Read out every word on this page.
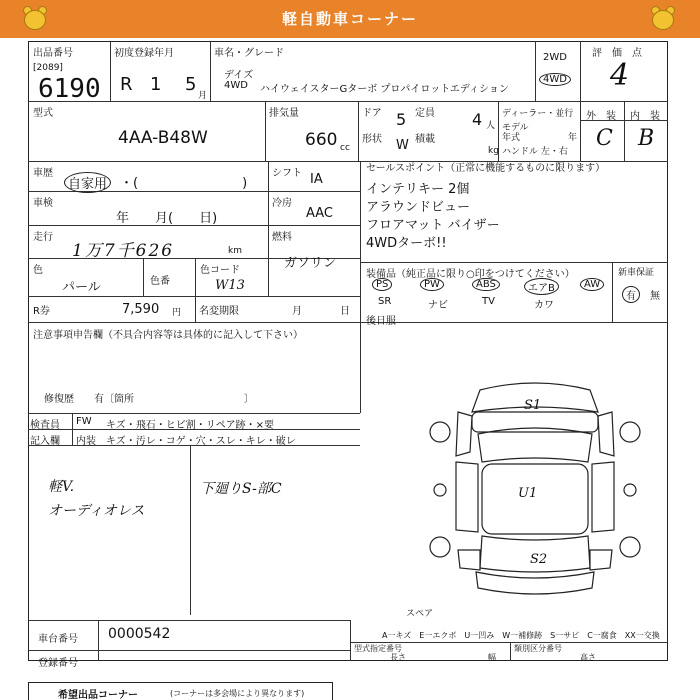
軽自動車コーナー
出品番号
[2089]
6190
初度登録年月
R 1 5
月
車名・グレード
デイズ
4WD ハイウェイスターGターボ プロパイロットエディション
2WD
4WD
評　価　点
4
型式
4AA-B48W
排気量
660 cc
ドア 5 定員 4 人
形状 W 積載
kg
ディーラー・並行
モデル
年式	年
ハンドル 左・右
外　装 内　装
C B
車歴
自家用 ・(　　　　　　　　)
シフト IA
車検
年　　月(　　日)
冷房
AAC
走行
1万7千626	km
燃料
ガソリン
色
パール	色番
色コード
W13
R券	7,590 円 名変期限	月	日
セールスポイント（正常に機能するものに限ります）
インテリキー 2個
アラウンドビュー
フロアマット バイザー
4WDターボ!!
装備品（純正品に限り○印をつけてください）
PS	PW	ABS	エアB	AW
SR	ナビ	TV	カワ
新車保証
有	無
注意事項申告欄（不具合内容等は具体的に記入して下さい）
修復歴　　有〔箇所　　　　　　　　　　　〕
後日服
検査員 FW キズ・飛石・ヒビ割・リペア跡・×要
記入欄 内装 キズ・汚レ・コゲ・穴・スレ・キレ・破レ
軽V.
オーディオレス
下廻りS-部C
S1
U1
S2
スペア
車台番号 0000542
登録番号
A一キズ　E一エクボ　U一凹み　W一補修跡　S一サビ　C一腐食　XX一交換
型式指定番号	類別区分番号
長さ	幅	高さ
希望出品コーナー	(コーナーは多会場により異なります)
